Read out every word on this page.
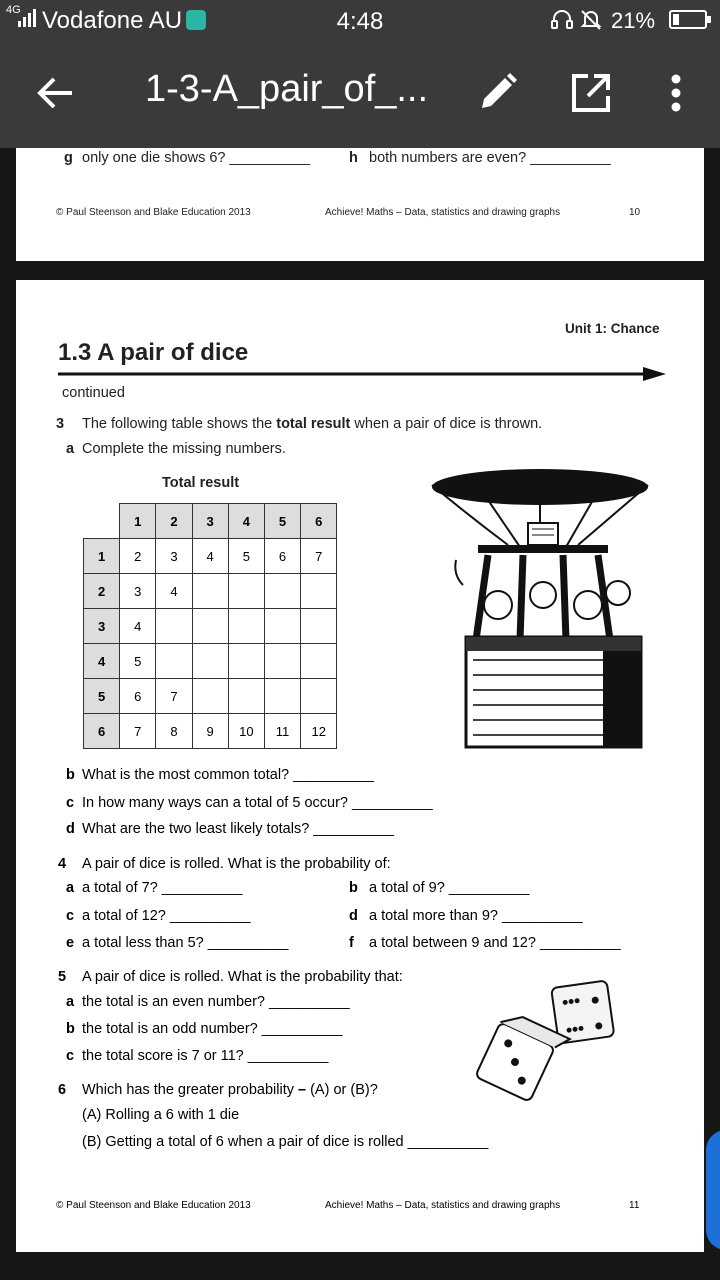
4G Vodafone AU	4:48
	21%
1-3-A_pair_of_...
g only one die shows 6? __________	h both numbers are even? __________
© Paul Steenson and Blake Education 2013	Achieve! Maths – Data, statistics and drawing graphs	10
Unit 1: Chance
1.3 A pair of dice
continued
3 The following table shows the total result when a pair of dice is thrown.
a Complete the missing numbers.
Total result
	1	2	3	4	5	6
1	2	3	4	5	6	7
2	3	4				
3	4					
4	5					
5	6	7				
6	7	8	9	10	11	12
b What is the most common total? __________
c In how many ways can a total of 5 occur? __________
d What are the two least likely totals? __________
4 A pair of dice is rolled. What is the probability of:
a a total of 7? __________	b a total of 9? __________
c a total of 12? __________	d a total more than 9? __________
e a total less than 5? __________	f a total between 9 and 12? __________
5 A pair of dice is rolled. What is the probability that:
a the total is an even number? __________
b the total is an odd number? __________
c the total score is 7 or 11? __________
6 Which has the greater probability – (A) or (B)?
(A) Rolling a 6 with 1 die
(B) Getting a total of 6 when a pair of dice is rolled __________
© Paul Steenson and Blake Education 2013	Achieve! Maths – Data, statistics and drawing graphs	11
